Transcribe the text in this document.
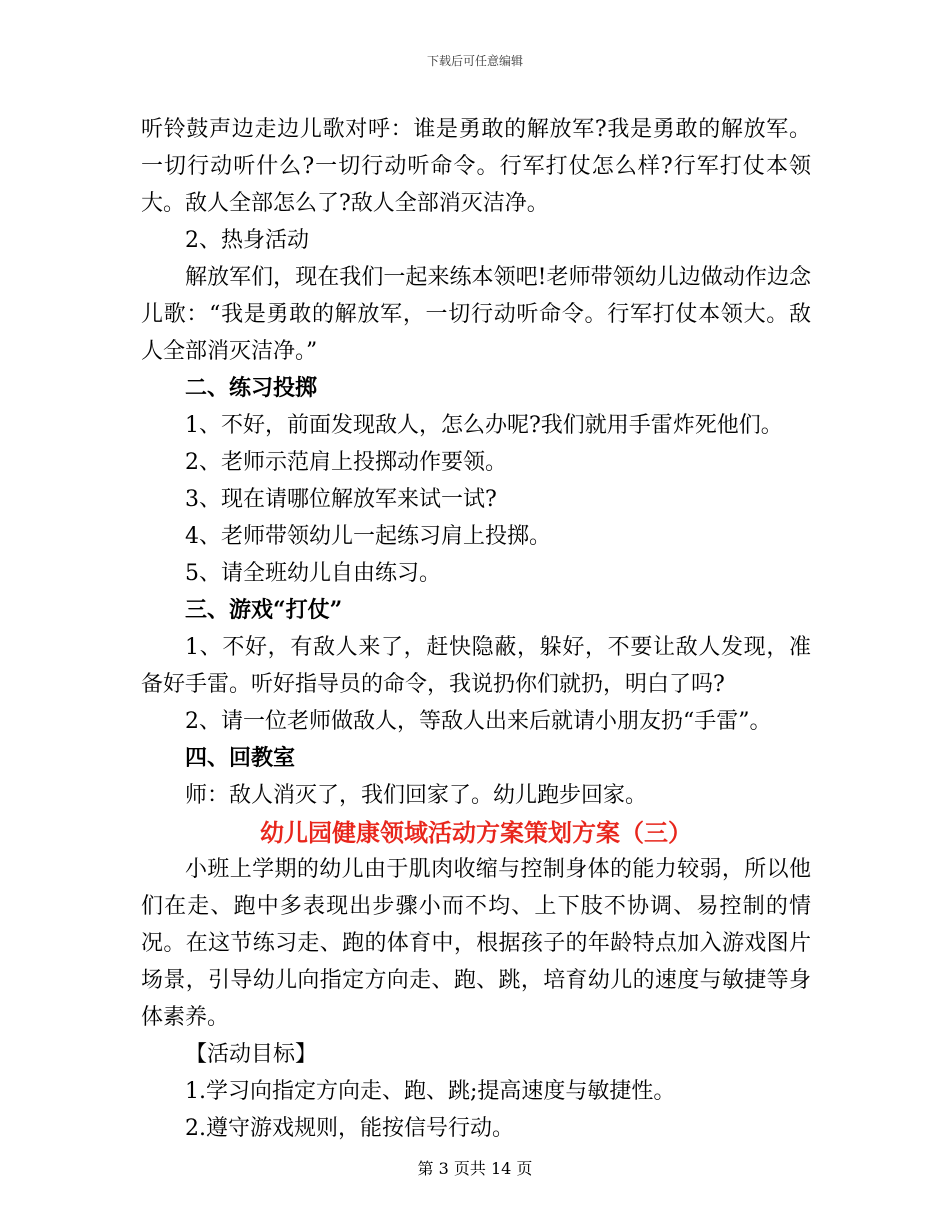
下载后可任意编辑

听铃鼓声边走边儿歌对呼：谁是勇敢的解放军?我是勇敢的解放军。一切行动听什么?一切行动听命令。行军打仗怎么样?行军打仗本领大。敌人全部怎么了?敌人全部消灭洁净。

2、热身活动

解放军们，现在我们一起来练本领吧!老师带领幼儿边做动作边念儿歌：“我是勇敢的解放军，一切行动听命令。行军打仗本领大。敌人全部消灭洁净。”

二、练习投掷

1、不好，前面发现敌人，怎么办呢?我们就用手雷炸死他们。

2、老师示范肩上投掷动作要领。

3、现在请哪位解放军来试一试?

4、老师带领幼儿一起练习肩上投掷。

5、请全班幼儿自由练习。

三、游戏“打仗”

1、不好，有敌人来了，赶快隐蔽，躲好，不要让敌人发现，准备好手雷。听好指导员的命令，我说扔你们就扔，明白了吗?

2、请一位老师做敌人，等敌人出来后就请小朋友扔“手雷”。

四、回教室

师：敌人消灭了，我们回家了。幼儿跑步回家。

幼儿园健康领域活动方案策划方案（三）

小班上学期的幼儿由于肌肉收缩与控制身体的能力较弱，所以他们在走、跑中多表现出步骤小而不均、上下肢不协调、易控制的情况。在这节练习走、跑的体育中，根据孩子的年龄特点加入游戏图片场景，引导幼儿向指定方向走、跑、跳，培育幼儿的速度与敏捷等身体素养。

【活动目标】

1.学习向指定方向走、跑、跳;提高速度与敏捷性。

2.遵守游戏规则，能按信号行动。

第 3 页共 14 页
